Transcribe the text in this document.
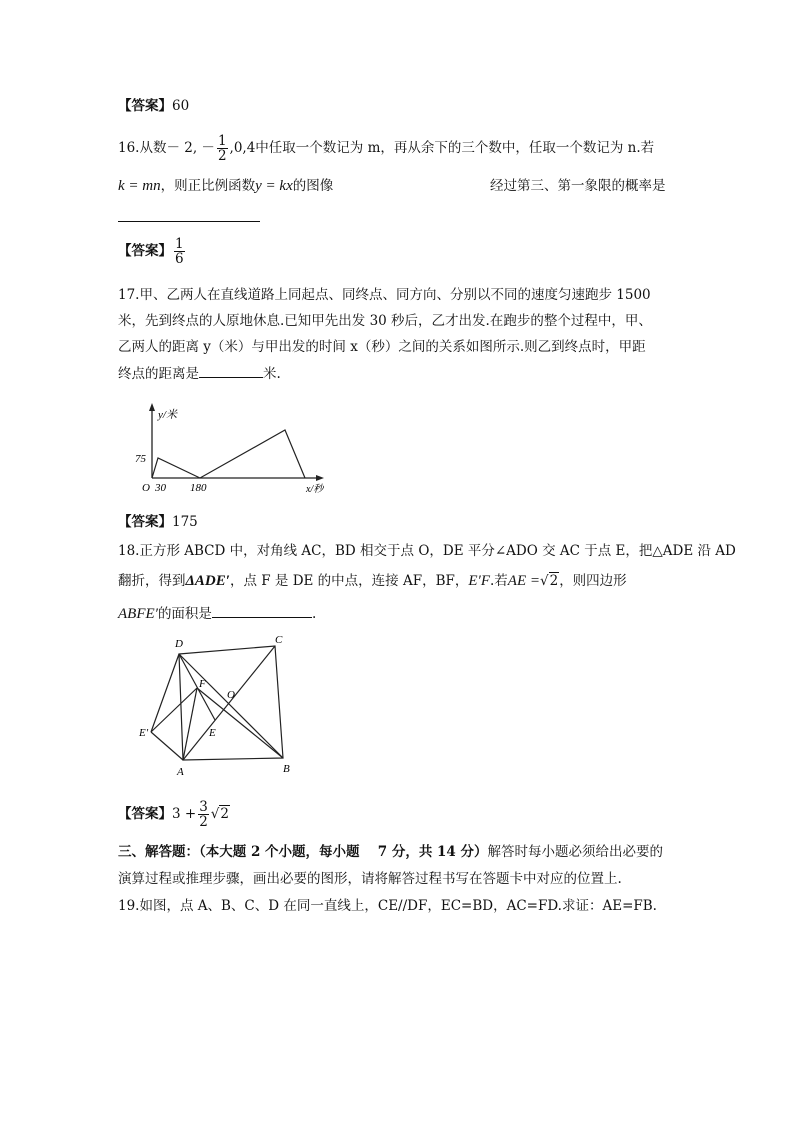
【答案】60
16.从数－ 2, － $\frac{1}{2} ,0,4$中任取一个数记为 m，再从余下的三个数中，任取一个数记为 n.若
k = mn，则正比例函数y = kx的图像	经过第三、第一象限的概率是
【答案】 $\frac{1}{6}$
17.甲、乙两人在直线道路上同起点、同终点、同方向、分别以不同的速度匀速跑步 1500
米，先到终点的人原地休息.已知甲先出发 30 秒后，乙才出发.在跑步的整个过程中，甲、
乙两人的距离 y（米）与甲出发的时间 x（秒）之间的关系如图所示.则乙到终点时，甲距
终点的距离是	米.
y/米
75
O 30 180	x/秒
【答案】175
18.正方形 ABCD 中，对角线 AC，BD 相交于点 O，DE 平分∠ADO 交 AC 于点 E，把△ADE 沿 AD
翻折，得到ΔADE′，点 F 是 DE 的中点，连接 AF，BF，E′F.若AE =√2，则四边形
ABFE′的面积是	.
D	C
F
O
E′	E
A	B
【答案】$3 + \frac{3}{2} √2$
三、解答题：（本大题 2 个小题，每小题　 7 分，共 14 分）解答时每小题必须给出必要的
演算过程或推理步骤，画出必要的图形，请将解答过程书写在答题卡中对应的位置上.
19.如图，点 A、B、C、D 在同一直线上，CE//DF，EC=BD，AC=FD.求证：AE=FB.
